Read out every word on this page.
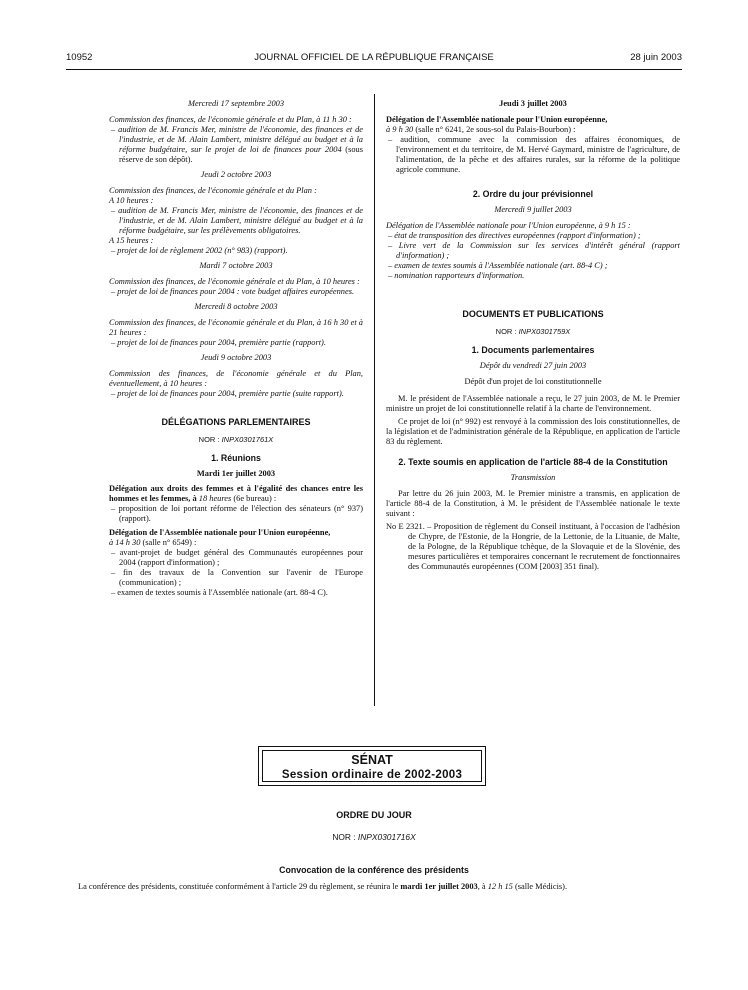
10952	JOURNAL OFFICIEL DE LA RÉPUBLIQUE FRANÇAISE	28 juin 2003
Mercredi 17 septembre 2003

Commission des finances, de l'économie générale et du Plan, à 11 h 30 :

– audition de M. Francis Mer, ministre de l'économie, des finances et de l'industrie, et de M. Alain Lambert, ministre délégué au budget et à la réforme budgétaire, sur le projet de loi de finances pour 2004 (sous réserve de son dépôt).

Jeudi 2 octobre 2003

Commission des finances, de l'économie générale et du Plan :

A 10 heures :

– audition de M. Francis Mer, ministre de l'économie, des finances et de l'industrie, et de M. Alain Lambert, ministre délégué au budget et à la réforme budgétaire, sur les prélèvements obligatoires.

A 15 heures :

– projet de loi de règlement 2002 (n° 983) (rapport).

Mardi 7 octobre 2003

Commission des finances, de l'économie générale et du Plan, à 10 heures :

– projet de loi de finances pour 2004 : vote budget affaires européennes.

Mercredi 8 octobre 2003

Commission des finances, de l'économie générale et du Plan, à 16 h 30 et à 21 heures :

– projet de loi de finances pour 2004, première partie (rapport).

Jeudi 9 octobre 2003

Commission des finances, de l'économie générale et du Plan, éventuellement, à 10 heures :

– projet de loi de finances pour 2004, première partie (suite rapport).

DÉLÉGATIONS PARLEMENTAIRES
NOR : INPX0301761X
1. Réunions
Mardi 1er juillet 2003

Délégation aux droits des femmes et à l'égalité des chances entre les hommes et les femmes, à 18 heures (6e bureau) :

– proposition de loi portant réforme de l'élection des sénateurs (n° 937) (rapport).

Délégation de l'Assemblée nationale pour l'Union européenne,

à 14 h 30 (salle n° 6549) :

– avant-projet de budget général des Communautés européennes pour 2004 (rapport d'information) ;

– fin des travaux de la Convention sur l'avenir de l'Europe (communication) ;

– examen de textes soumis à l'Assemblée nationale (art. 88-4 C).

Jeudi 3 juillet 2003

Délégation de l'Assemblée nationale pour l'Union européenne,

à 9 h 30 (salle n° 6241, 2e sous-sol du Palais-Bourbon) :

– audition, commune avec la commission des affaires économiques, de l'environnement et du territoire, de M. Hervé Gaymard, ministre de l'agriculture, de l'alimentation, de la pêche et des affaires rurales, sur la réforme de la politique agricole commune.

2. Ordre du jour prévisionnel
Mercredi 9 juillet 2003

Délégation de l'Assemblée nationale pour l'Union européenne, à 9 h 15 :

– état de transposition des directives européennes (rapport d'information) ;

– Livre vert de la Commission sur les services d'intérêt général (rapport d'information) ;

– examen de textes soumis à l'Assemblée nationale (art. 88-4 C) ;

– nomination rapporteurs d'information.

DOCUMENTS ET PUBLICATIONS
NOR : INPX0301759X
1. Documents parlementaires
Dépôt du vendredi 27 juin 2003
Dépôt d'un projet de loi constitutionnelle

M. le président de l'Assemblée nationale a reçu, le 27 juin 2003, de M. le Premier ministre un projet de loi constitutionnelle relatif à la charte de l'environnement.

Ce projet de loi (n° 992) est renvoyé à la commission des lois constitutionnelles, de la législation et de l'administration générale de la République, en application de l'article 83 du règlement.

2. Texte soumis en application de l'article 88-4 de la Constitution
Transmission

Par lettre du 26 juin 2003, M. le Premier ministre a transmis, en application de l'article 88-4 de la Constitution, à M. le président de l'Assemblée nationale le texte suivant :

No E 2321. – Proposition de règlement du Conseil instituant, à l'occasion de l'adhésion de Chypre, de l'Estonie, de la Hongrie, de la Lettonie, de la Lituanie, de Malte, de la Pologne, de la République tchèque, de la Slovaquie et de la Slovénie, des mesures particulières et temporaires concernant le recrutement de fonctionnaires des Communautés européennes (COM [2003] 351 final).

SÉNAT
Session ordinaire de 2002-2003
ORDRE DU JOUR
NOR : INPX0301716X
Convocation de la conférence des présidents

La conférence des présidents, constituée conformément à l'article 29 du règlement, se réunira le mardi 1er juillet 2003, à 12 h 15 (salle Médicis).
